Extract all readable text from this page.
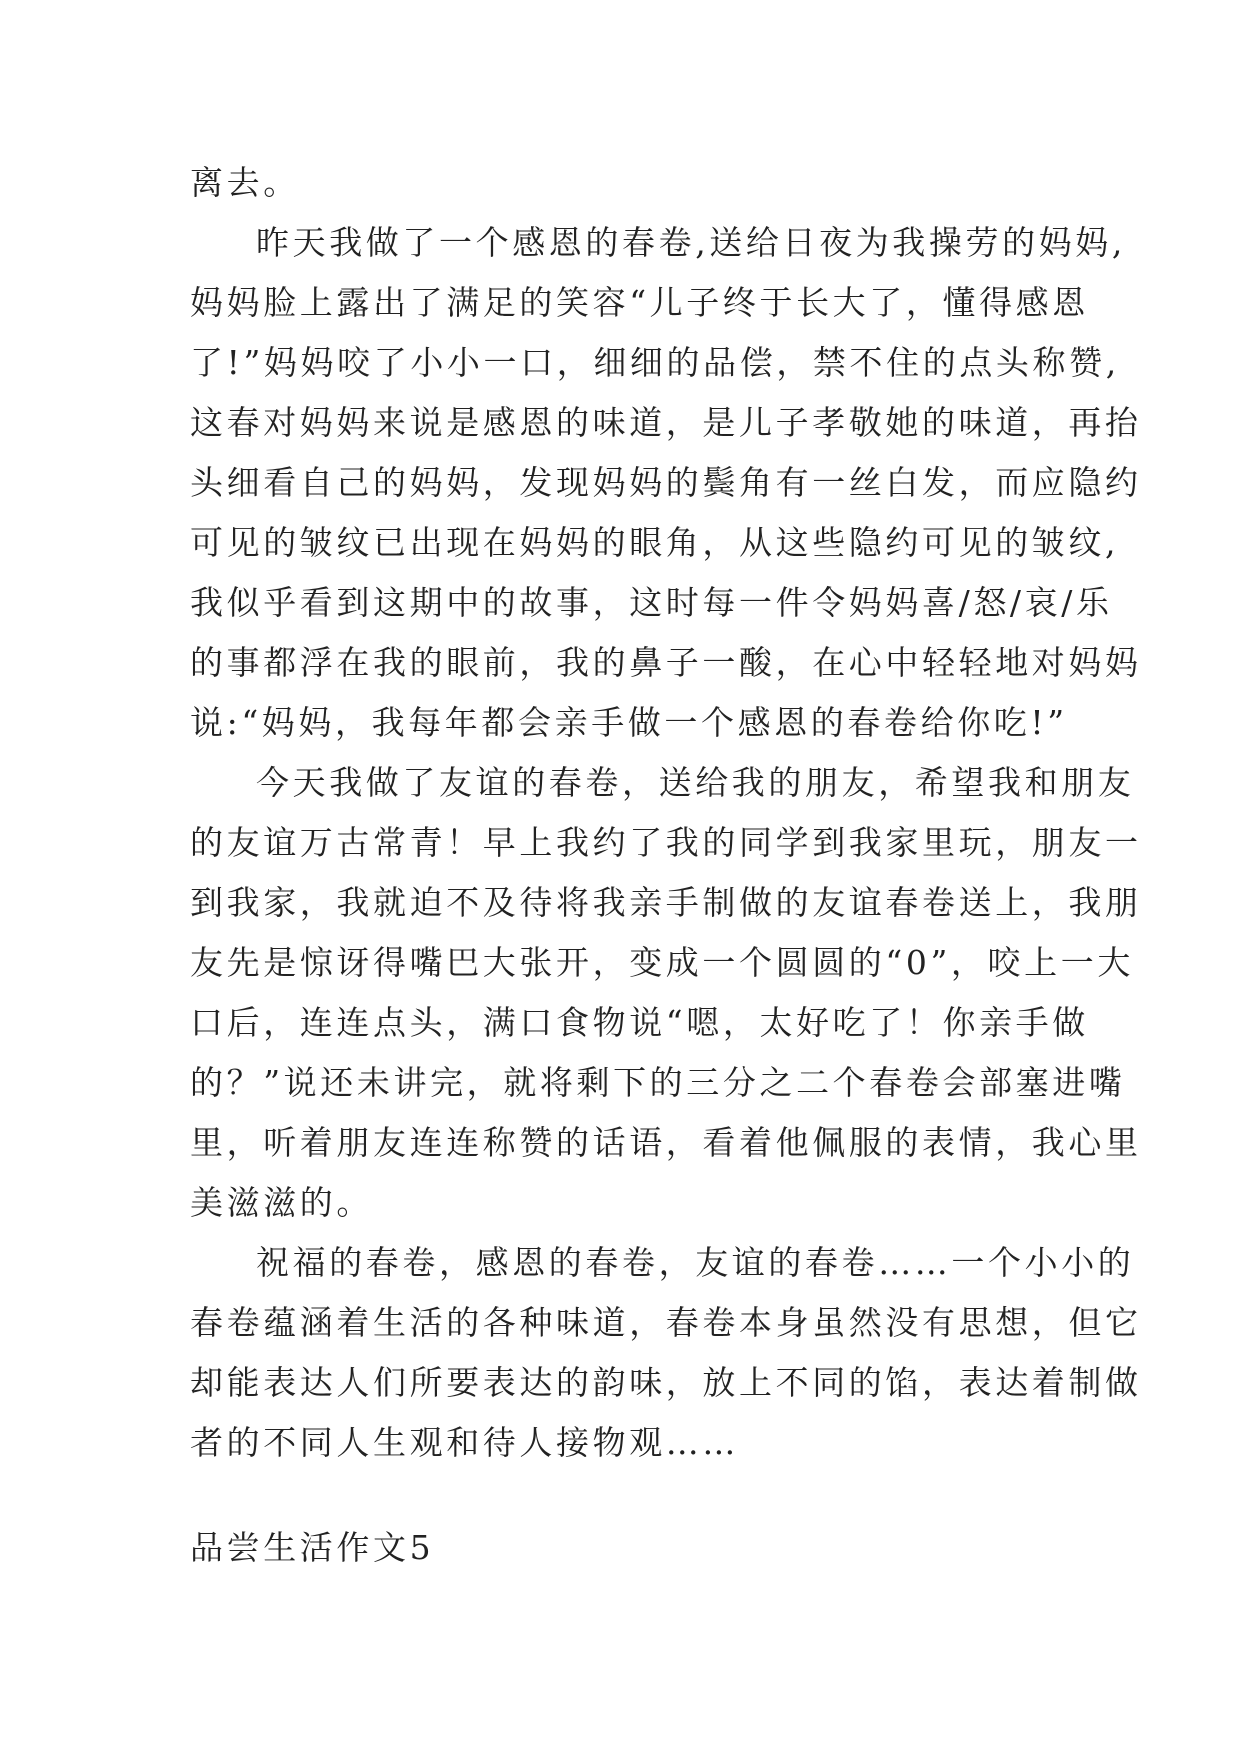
离去。
昨天我做了一个感恩的春卷,送给日夜为我操劳的妈妈,
妈妈脸上露出了满足的笑容“儿子终于长大了，懂得感恩
了!”妈妈咬了小小一口，细细的品偿，禁不住的点头称赞,
这春对妈妈来说是感恩的味道，是儿子孝敬她的味道，再抬
头细看自己的妈妈，发现妈妈的鬓角有一丝白发，而应隐约
可见的皱纹已出现在妈妈的眼角，从这些隐约可见的皱纹,
我似乎看到这期中的故事，这时每一件令妈妈喜/怒/哀/乐
的事都浮在我的眼前，我的鼻子一酸，在心中轻轻地对妈妈
说:“妈妈，我每年都会亲手做一个感恩的春卷给你吃!”
今天我做了友谊的春卷，送给我的朋友，希望我和朋友
的友谊万古常青！早上我约了我的同学到我家里玩，朋友一
到我家，我就迫不及待将我亲手制做的友谊春卷送上，我朋
友先是惊讶得嘴巴大张开，变成一个圆圆的“0”，咬上一大
口后，连连点头，满口食物说“嗯，太好吃了！你亲手做
的？”说还未讲完，就将剩下的三分之二个春卷会部塞进嘴
里，听着朋友连连称赞的话语，看着他佩服的表情，我心里
美滋滋的。
祝福的春卷，感恩的春卷，友谊的春卷……一个小小的
春卷蕴涵着生活的各种味道，春卷本身虽然没有思想，但它
却能表达人们所要表达的韵味，放上不同的馅，表达着制做
者的不同人生观和待人接物观……
品尝生活作文5
